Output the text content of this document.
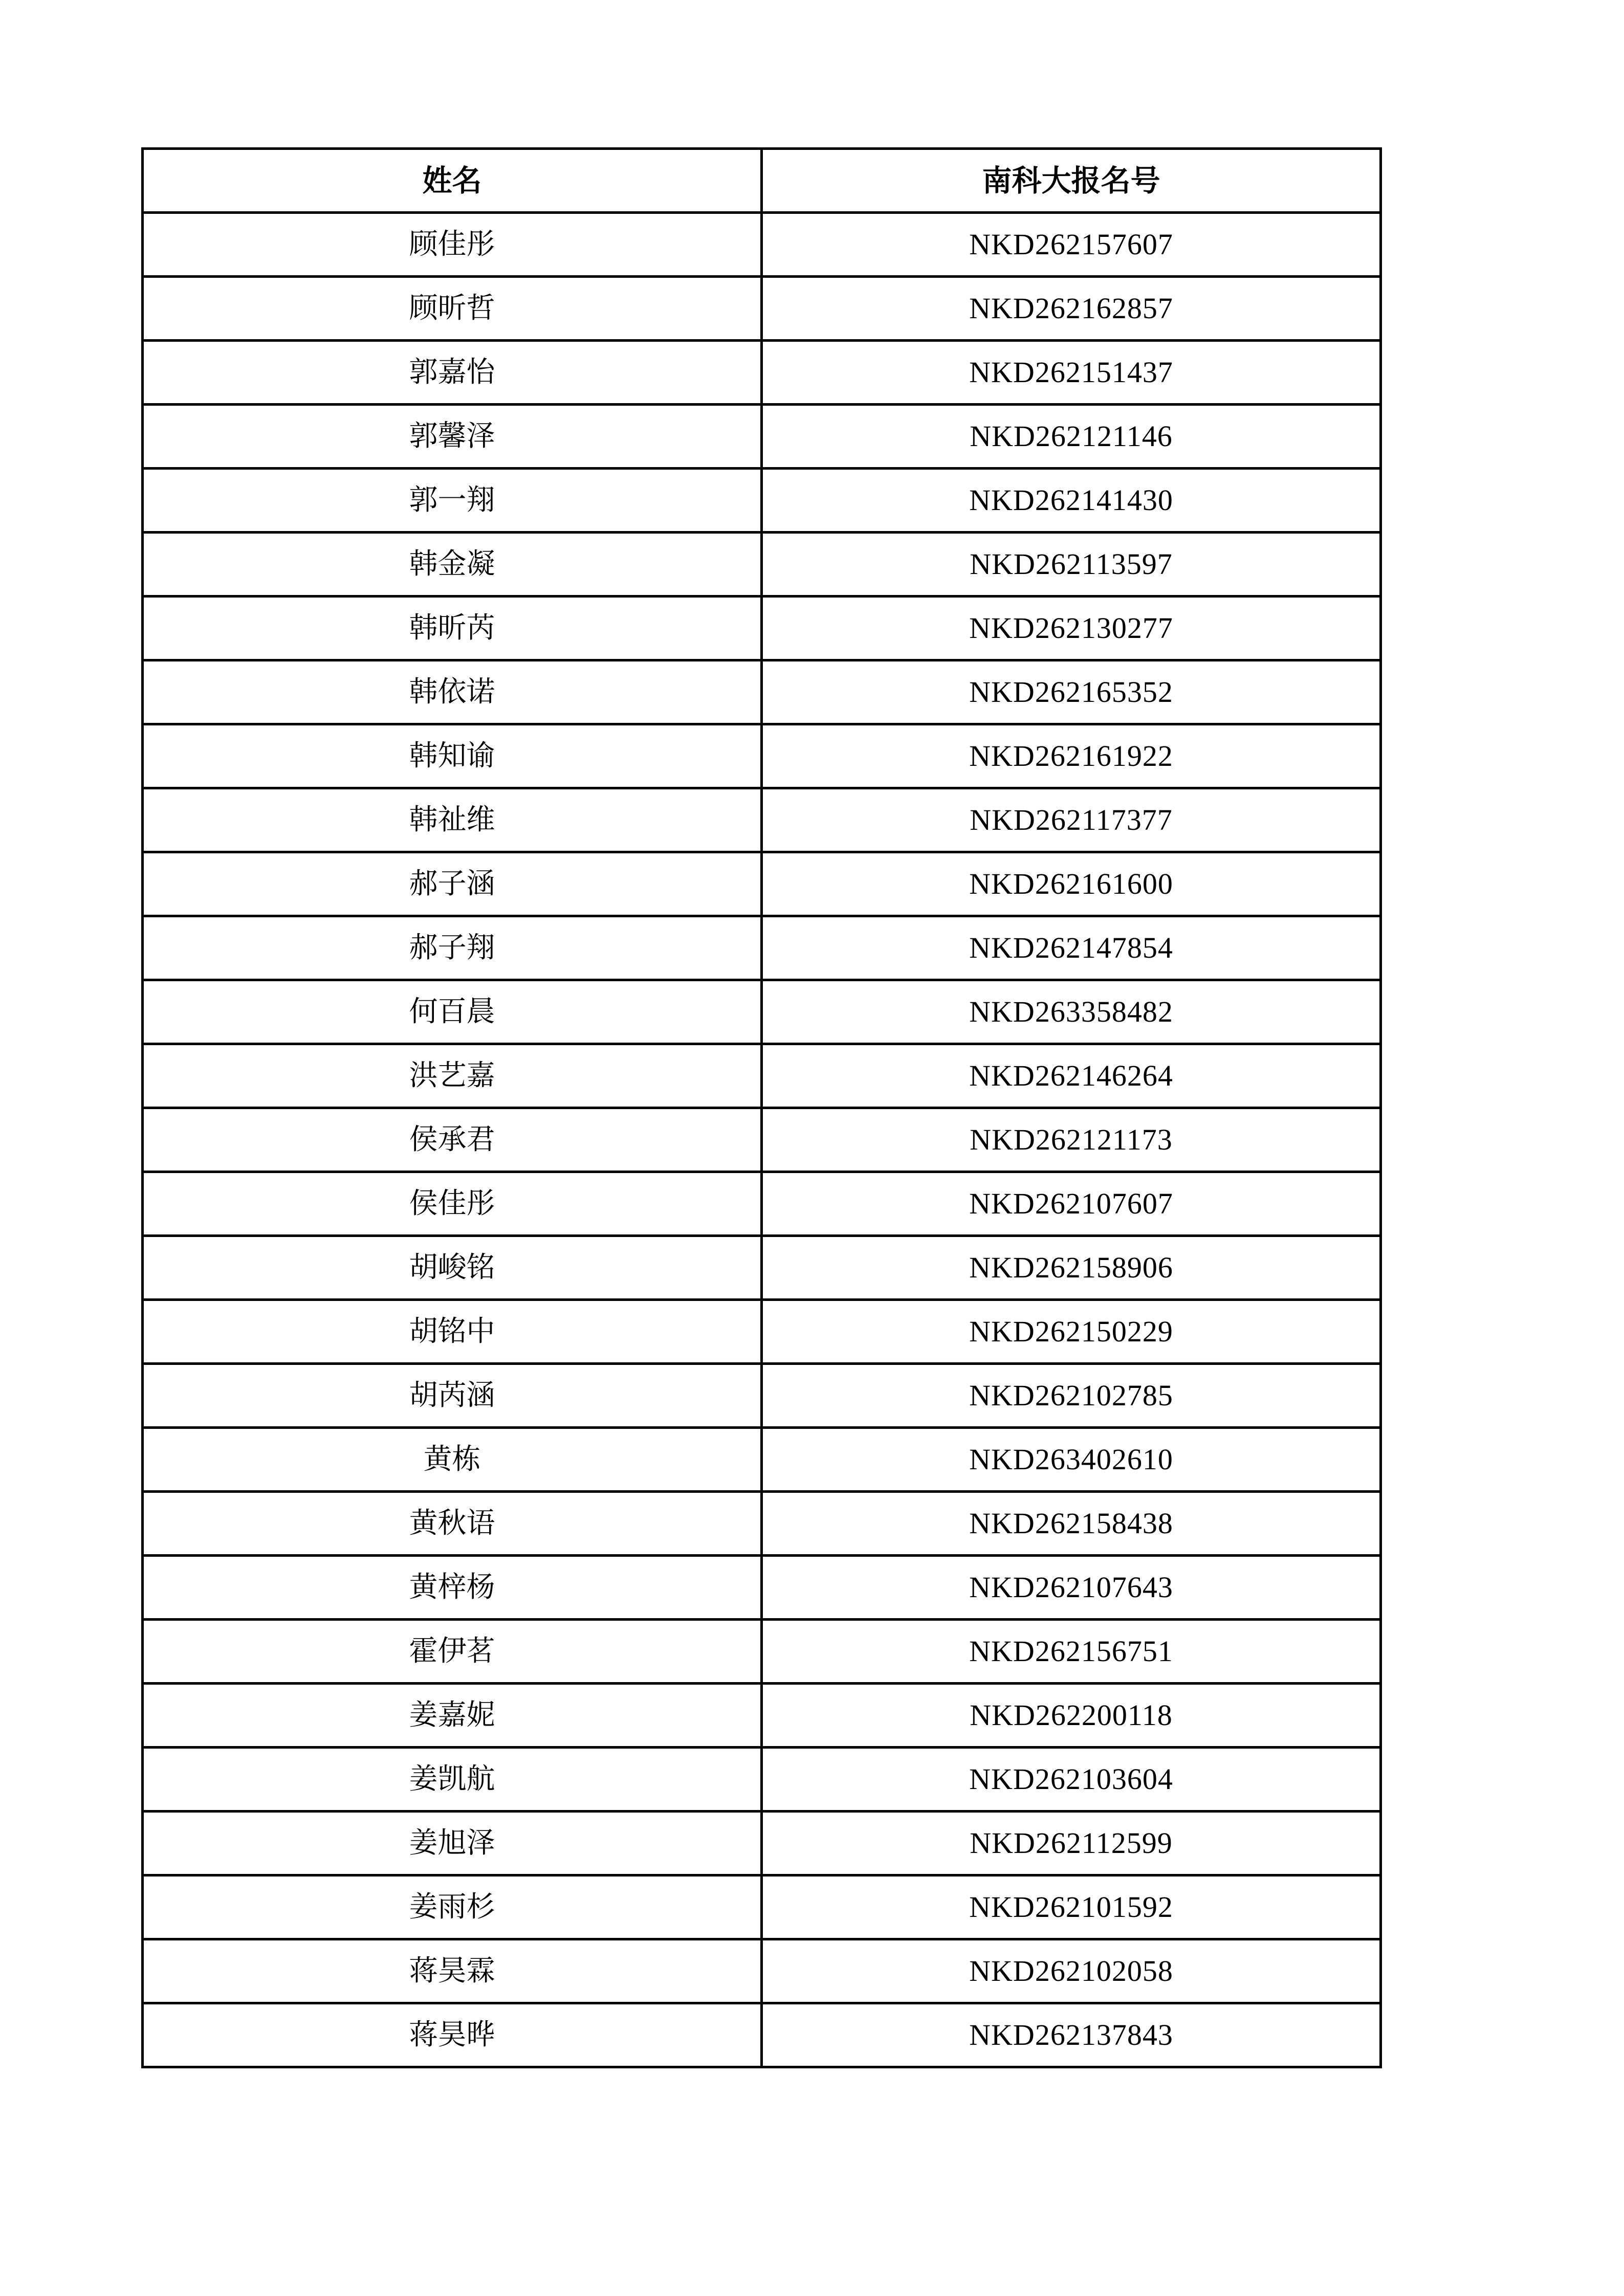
姓名	南科大报名号
顾佳彤	NKD262157607
顾昕哲	NKD262162857
郭嘉怡	NKD262151437
郭馨泽	NKD262121146
郭一翔	NKD262141430
韩金凝	NKD262113597
韩昕芮	NKD262130277
韩依诺	NKD262165352
韩知谕	NKD262161922
韩祉维	NKD262117377
郝子涵	NKD262161600
郝子翔	NKD262147854
何百晨	NKD263358482
洪艺嘉	NKD262146264
侯承君	NKD262121173
侯佳彤	NKD262107607
胡峻铭	NKD262158906
胡铭中	NKD262150229
胡芮涵	NKD262102785
黄栋	NKD263402610
黄秋语	NKD262158438
黄梓杨	NKD262107643
霍伊茗	NKD262156751
姜嘉妮	NKD262200118
姜凯航	NKD262103604
姜旭泽	NKD262112599
姜雨杉	NKD262101592
蒋昊霖	NKD262102058
蒋昊晔	NKD262137843
